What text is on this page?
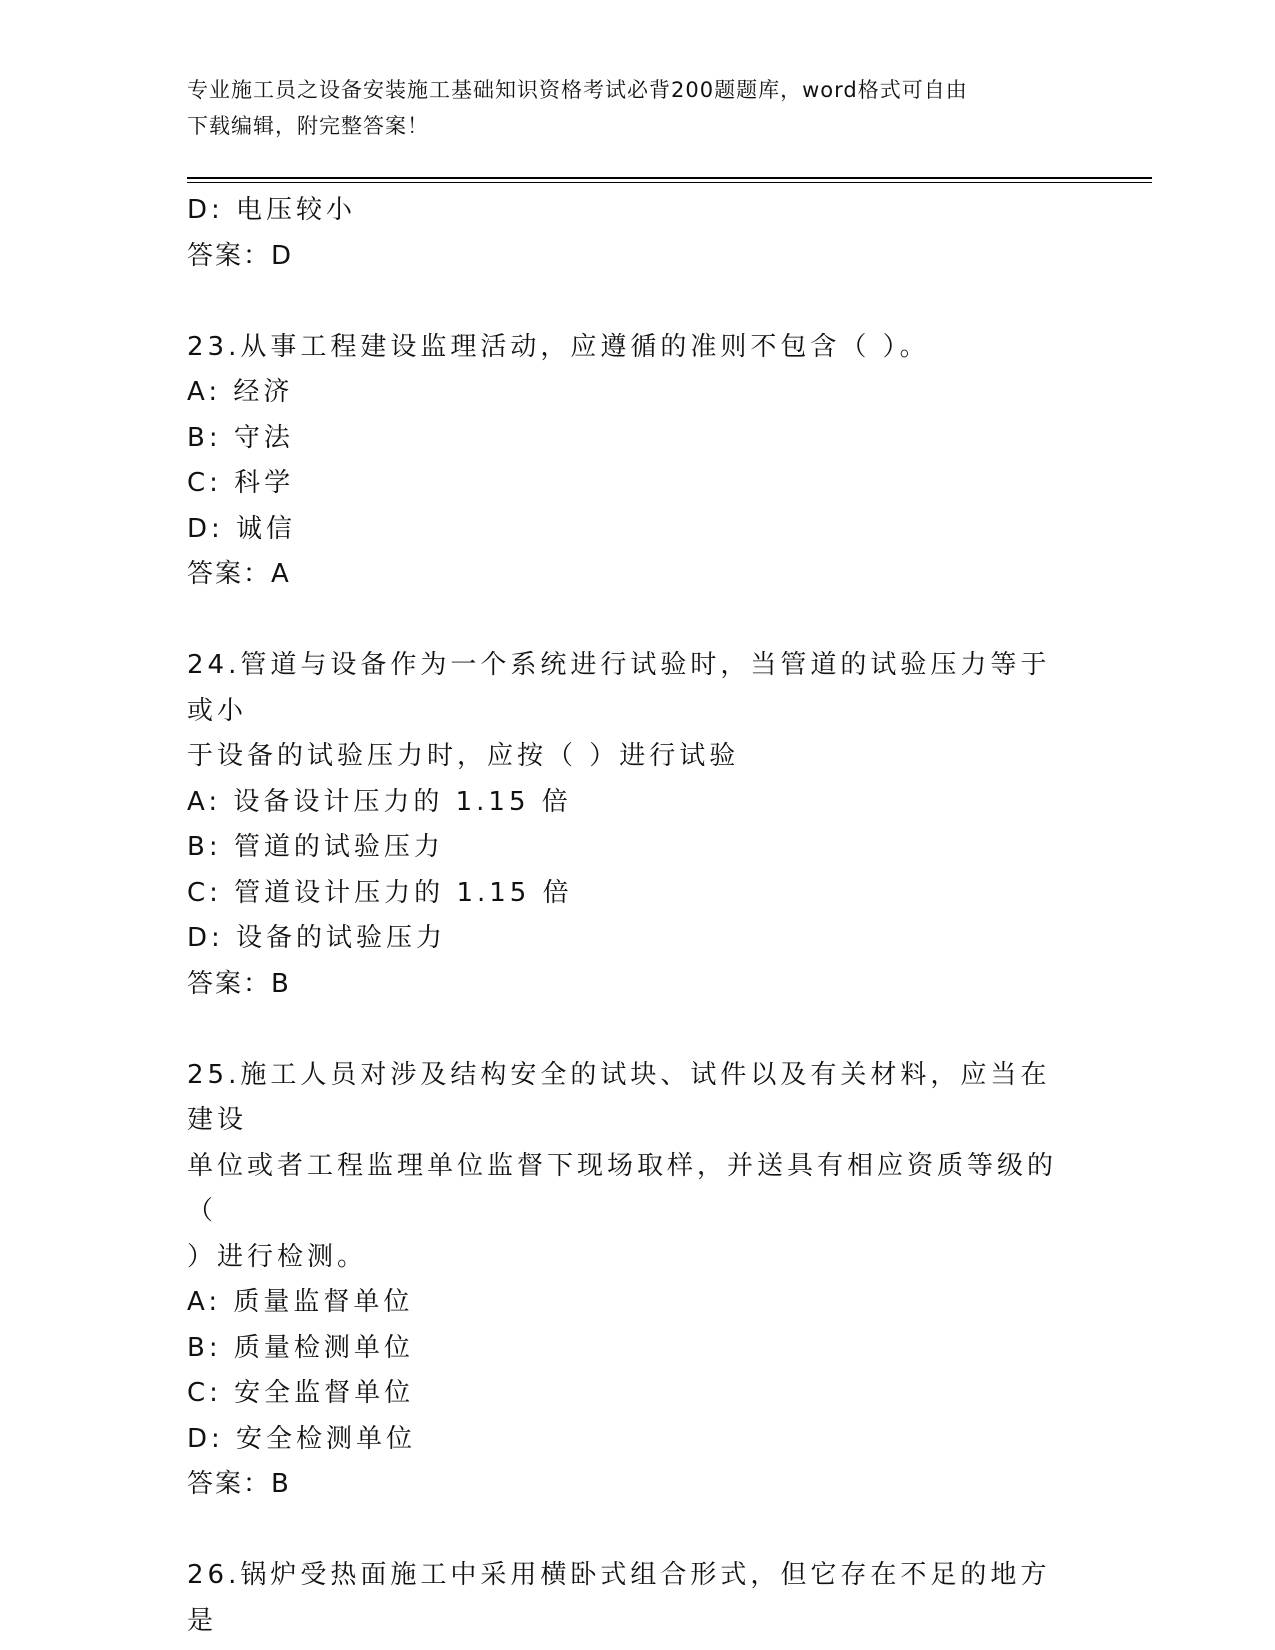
专业施工员之设备安装施工基础知识资格考试必背200题题库，word格式可自由
下载编辑，附完整答案！
D: 电压较小
答案：D
23.从事工程建设监理活动，应遵循的准则不包含（ ）。
A: 经济
B: 守法
C: 科学
D: 诚信
答案：A
24.管道与设备作为一个系统进行试验时，当管道的试验压力等于或小
于设备的试验压力时，应按（ ）进行试验
A: 设备设计压力的 1.15 倍
B: 管道的试验压力
C: 管道设计压力的 1.15 倍
D: 设备的试验压力
答案：B
25.施工人员对涉及结构安全的试块、试件以及有关材料，应当在建设
单位或者工程监理单位监督下现场取样，并送具有相应资质等级的（
）进行检测。
A: 质量监督单位
B: 质量检测单位
C: 安全监督单位
D: 安全检测单位
答案：B
26.锅炉受热面施工中采用横卧式组合形式，但它存在不足的地方是
